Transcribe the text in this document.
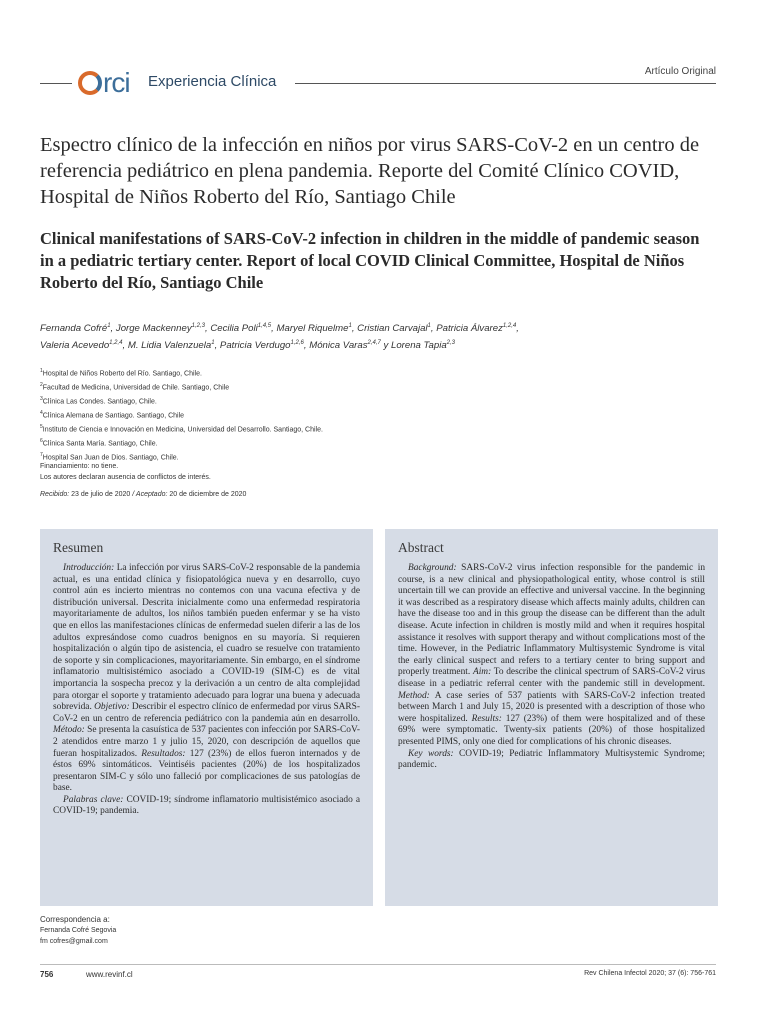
rci Experiencia Clínica
Artículo Original
Espectro clínico de la infección en niños por virus SARS-CoV-2 en un centro de referencia pediátrico en plena pandemia. Reporte del Comité Clínico COVID, Hospital de Niños Roberto del Río, Santiago Chile
Clinical manifestations of SARS-CoV-2 infection in children in the middle of pandemic season in a pediatric tertiary center. Report of local COVID Clinical Committee, Hospital de Niños Roberto del Río, Santiago Chile
Fernanda Cofré$^1$, Jorge Mackenney$^{1,2,3}$, Cecilia Poli$^{1,4,5}$, Maryel Riquelme$^1$, Cristian Carvajal$^1$, Patricia Álvarez$^{1,2,4}$,
Valeria Acevedo$^{1,2,4}$, M. Lidia Valenzuela$^1$, Patricia Verdugo$^{1,2,6}$, Mónica Varas$^{2,4,7}$ y Lorena Tapia$^{2,3}$
$^1$Hospital de Niños Roberto del Río. Santiago, Chile.
$^2$Facultad de Medicina, Universidad de Chile. Santiago, Chile
$^3$Clínica Las Condes. Santiago, Chile.
$^4$Clínica Alemana de Santiago. Santiago, Chile
$^5$Instituto de Ciencia e Innovación en Medicina, Universidad del Desarrollo. Santiago, Chile.
$^6$Clínica Santa María. Santiago, Chile.
$^7$Hospital San Juan de Dios. Santiago, Chile.
Financiamiento: no tiene.
Los autores declaran ausencia de conflictos de interés.
Recibido: 23 de julio de 2020 / Aceptado: 20 de diciembre de 2020
Resumen

Introducción: La infección por virus SARS-CoV-2 responsable de la pandemia actual, es una entidad clínica y fisiopatológica nueva y en desarrollo, cuyo control aún es incierto mientras no contemos con una vacuna efectiva y de distribución universal. Descrita inicialmente como una enfermedad respiratoria mayoritariamente de adultos, los niños también pueden enfermar y se ha visto que en ellos las manifestaciones clínicas de enfermedad suelen diferir a las de los adultos expresándose como cuadros benignos en su mayoría. Si requieren hospitalización o algún tipo de asistencia, el cuadro se resuelve con tratamiento de soporte y sin complicaciones, mayoritariamente. Sin embargo, en el síndrome inflamatorio multisistémico asociado a COVID-19 (SIM-C) es de vital importancia la sospecha precoz y la derivación a un centro de alta complejidad para otorgar el soporte y tratamiento adecuado para lograr una buena y adecuada sobrevida. Objetivo: Describir el espectro clínico de enfermedad por virus SARS-CoV-2 en un centro de referencia pediátrico con la pandemia aún en desarrollo. Método: Se presenta la casuística de 537 pacientes con infección por SARS-CoV-2 atendidos entre marzo 1 y julio 15, 2020, con descripción de aquellos que fueran hospitalizados. Resultados: 127 (23%) de ellos fueron internados y de éstos 69% sintomáticos. Veintiséis pacientes (20%) de los hospitalizados presentaron SIM-C y sólo uno falleció por complicaciones de sus patologías de base.

Palabras clave: COVID-19; síndrome inflamatorio multisistémico asociado a COVID-19; pandemia.

Abstract

Background: SARS-CoV-2 virus infection responsible for the pandemic in course, is a new clinical and physiopathological entity, whose control is still uncertain till we can provide an effective and universal vaccine. In the beginning it was described as a respiratory disease which affects mainly adults, children can have the disease too and in this group the disease can be different than the adult disease. Acute infection in children is mostly mild and when it requires hospital assistance it resolves with support therapy and without complications most of the time. However, in the Pediatric Inflammatory Multisystemic Syndrome is vital the early clinical suspect and refers to a tertiary center to bring support and properly treatment. Aim: To describe the clinical spectrum of SARS-CoV-2 virus disease in a pediatric referral center with the pandemic still in development. Method: A case series of 537 patients with SARS-CoV-2 infection treated between March 1 and July 15, 2020 is presented with a description of those who were hospitalized. Results: 127 (23%) of them were hospitalized and of these 69% were symptomatic. Twenty-six patients (20%) of those hospitalized presented PIMS, only one died for complications of his chronic diseases.

Key words: COVID-19; Pediatric Inflammatory Multisystemic Syndrome; pandemic.

Correspondencia a:
Fernanda Cofré Segovia
fm cofres@gmail.com
756	www.revinf.cl	Rev Chilena Infectol 2020; 37 (6): 756-761
